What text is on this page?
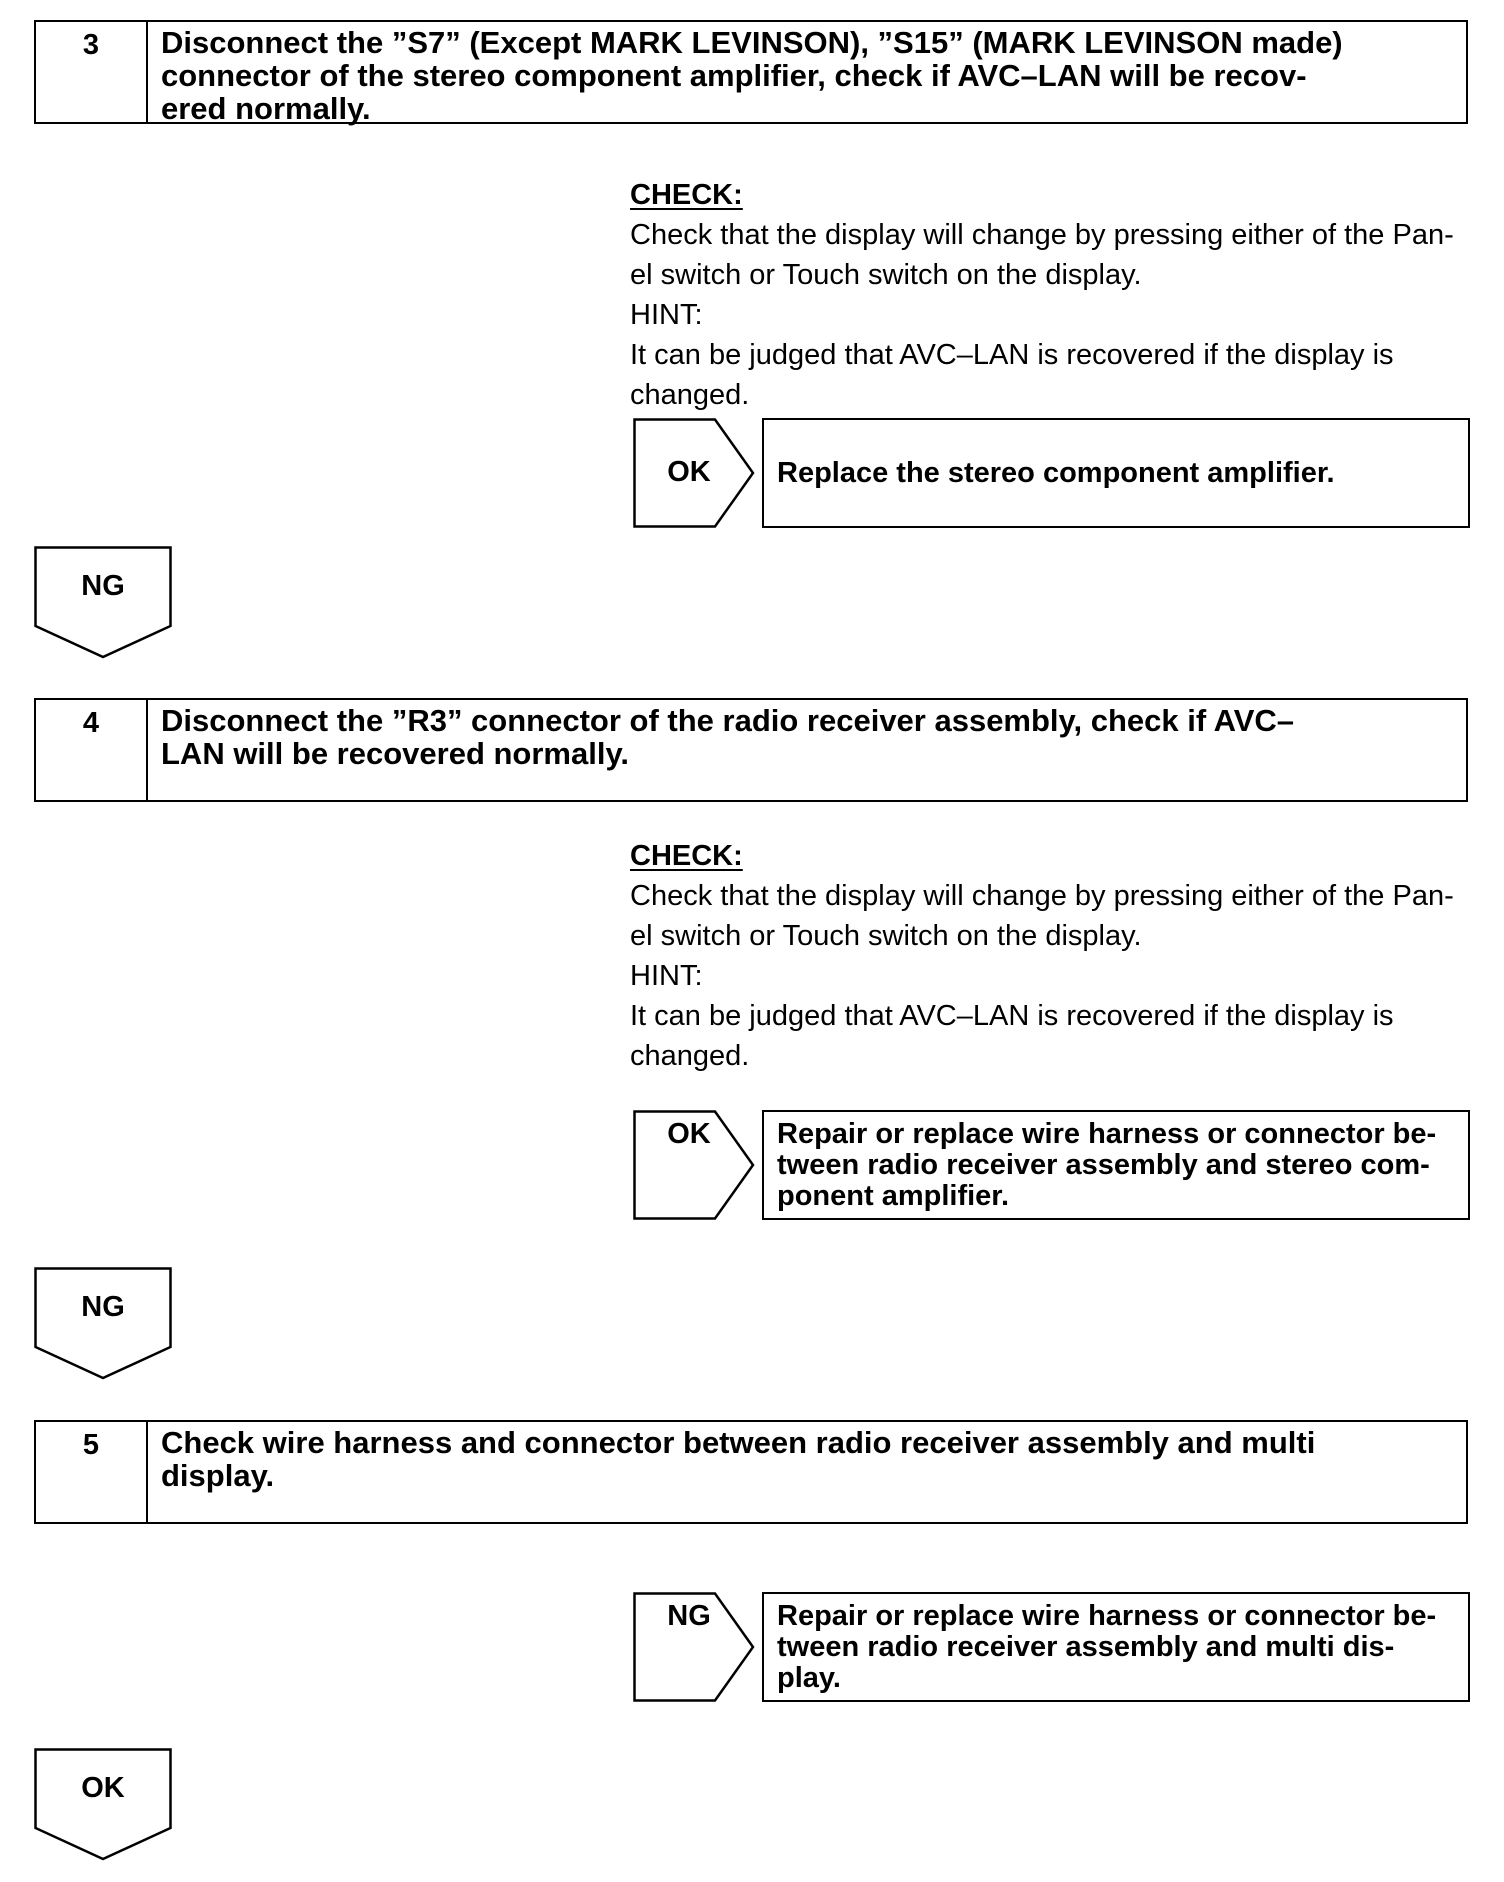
3	Disconnect the ”S7” (Except MARK LEVINSON), ”S15” (MARK LEVINSON made)
connector of the stereo component amplifier, check if AVC–LAN will be recov-
ered normally.
CHECK:
Check that the display will change by pressing either of the Pan-
el switch or Touch switch on the display.
HINT:
It can be judged that AVC–LAN is recovered if the display is
changed.
OK	Replace the stereo component amplifier.
NG
4	Disconnect the ”R3” connector of the radio receiver assembly, check if AVC–
LAN will be recovered normally.
CHECK:
Check that the display will change by pressing either of the Pan-
el switch or Touch switch on the display.
HINT:
It can be judged that AVC–LAN is recovered if the display is
changed.
OK	Repair or replace wire harness or connector be-
tween radio receiver assembly and stereo com-
ponent amplifier.
NG
5	Check wire harness and connector between radio receiver assembly and multi
display.
NG	Repair or replace wire harness or connector be-
tween radio receiver assembly and multi dis-
play.
OK
